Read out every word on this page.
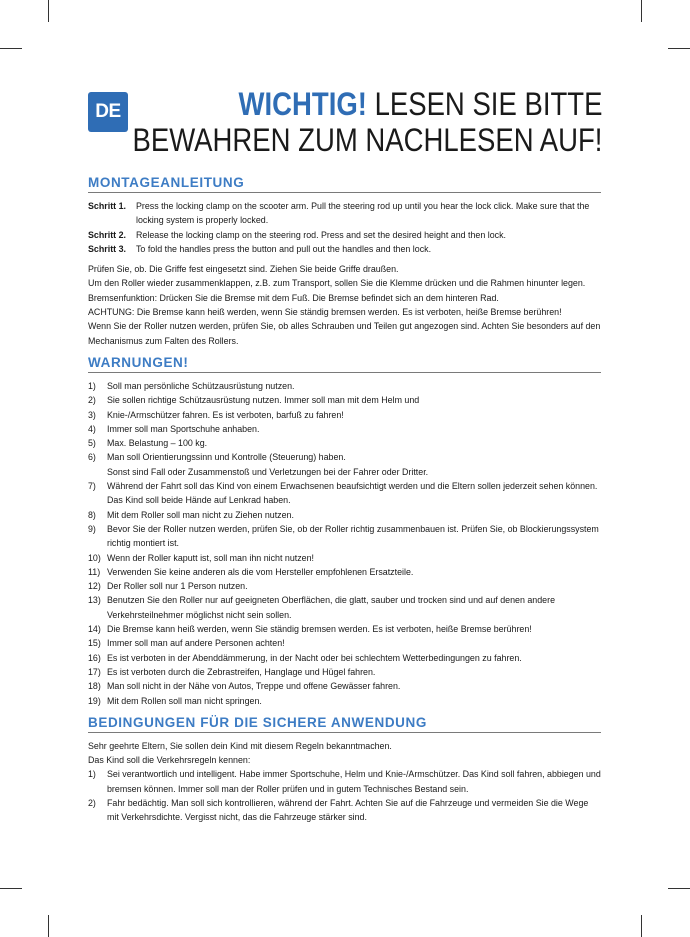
DE	WICHTIG! LESEN SIE BITTE
BEWAHREN ZUM NACHLESEN AUF!
MONTAGEANLEITUNG
Schritt 1.	Press the locking clamp on the scooter arm. Pull the steering rod up until you hear the lock click. Make sure that the locking system is properly locked.
Schritt 2.	Release the locking clamp on the steering rod. Press and set the desired height and then lock.
Schritt 3.	To fold the handles press the button and pull out the handles and then lock.
Prüfen Sie, ob. Die Griffe fest eingesetzt sind. Ziehen Sie beide Griffe draußen.
Um den Roller wieder zusammenklappen, z.B. zum Transport, sollen Sie die Klemme drücken und die Rahmen hinunter legen.
Bremsenfunktion: Drücken Sie die Bremse mit dem Fuß. Die Bremse befindet sich an dem hinteren Rad.
ACHTUNG: Die Bremse kann heiß werden, wenn Sie ständig bremsen werden. Es ist verboten, heiße Bremse berühren!
Wenn Sie der Roller nutzen werden, prüfen Sie, ob alles Schrauben und Teilen gut angezogen sind. Achten Sie besonders auf den Mechanismus zum Falten des Rollers.
WARNUNGEN!
1)	Soll man persönliche Schützausrüstung nutzen.
2)	Sie sollen richtige Schützausrüstung nutzen. Immer soll man mit dem Helm und
3)	Knie-/Armschützer fahren. Es ist verboten, barfuß zu fahren!
4)	Immer soll man Sportschuhe anhaben.
5)	Max. Belastung – 100 kg.
6)	Man soll Orientierungssinn und Kontrolle (Steuerung) haben.
Sonst sind Fall oder Zusammenstoß und Verletzungen bei der Fahrer oder Dritter.
7)	Während der Fahrt soll das Kind von einem Erwachsenen beaufsichtigt werden und die Eltern sollen jederzeit sehen können. Das Kind soll beide Hände auf Lenkrad haben.
8)	Mit dem Roller soll man nicht zu Ziehen nutzen.
9)	Bevor Sie der Roller nutzen werden, prüfen Sie, ob der Roller richtig zusammenbauen ist. Prüfen Sie, ob Blockierungssystem richtig montiert ist.
10) Wenn der Roller kaputt ist, soll man ihn nicht nutzen!
11) Verwenden Sie keine anderen als die vom Hersteller empfohlenen Ersatzteile.
12) Der Roller soll nur 1 Person nutzen.
13) Benutzen Sie den Roller nur auf geeigneten Oberflächen, die glatt, sauber und trocken sind und auf denen andere Verkehrsteilnehmer möglichst nicht sein sollen.
14) Die Bremse kann heiß werden, wenn Sie ständig bremsen werden. Es ist verboten, heiße Bremse berühren!
15) Immer soll man auf andere Personen achten!
16) Es ist verboten in der Abenddämmerung, in der Nacht oder bei schlechtem Wetterbedingungen zu fahren.
17) Es ist verboten durch die Zebrastreifen, Hanglage und Hügel fahren.
18) Man soll nicht in der Nähe von Autos, Treppe und offene Gewässer fahren.
19) Mit dem Rollen soll man nicht springen.
BEDINGUNGEN FÜR DIE SICHERE ANWENDUNG
Sehr geehrte Eltern, Sie sollen dein Kind mit diesem Regeln bekanntmachen.
Das Kind soll die Verkehrsregeln kennen:
1)	Sei verantwortlich und intelligent. Habe immer Sportschuhe, Helm und Knie-/Armschützer. Das Kind soll fahren, abbiegen und bremsen können. Immer soll man der Roller prüfen und in gutem Technisches Bestand sein.
2)	Fahr bedächtig. Man soll sich kontrollieren, während der Fahrt. Achten Sie auf die Fahrzeuge und vermeiden Sie die Wege mit Verkehrsdichte. Vergisst nicht, das die Fahrzeuge stärker sind.
